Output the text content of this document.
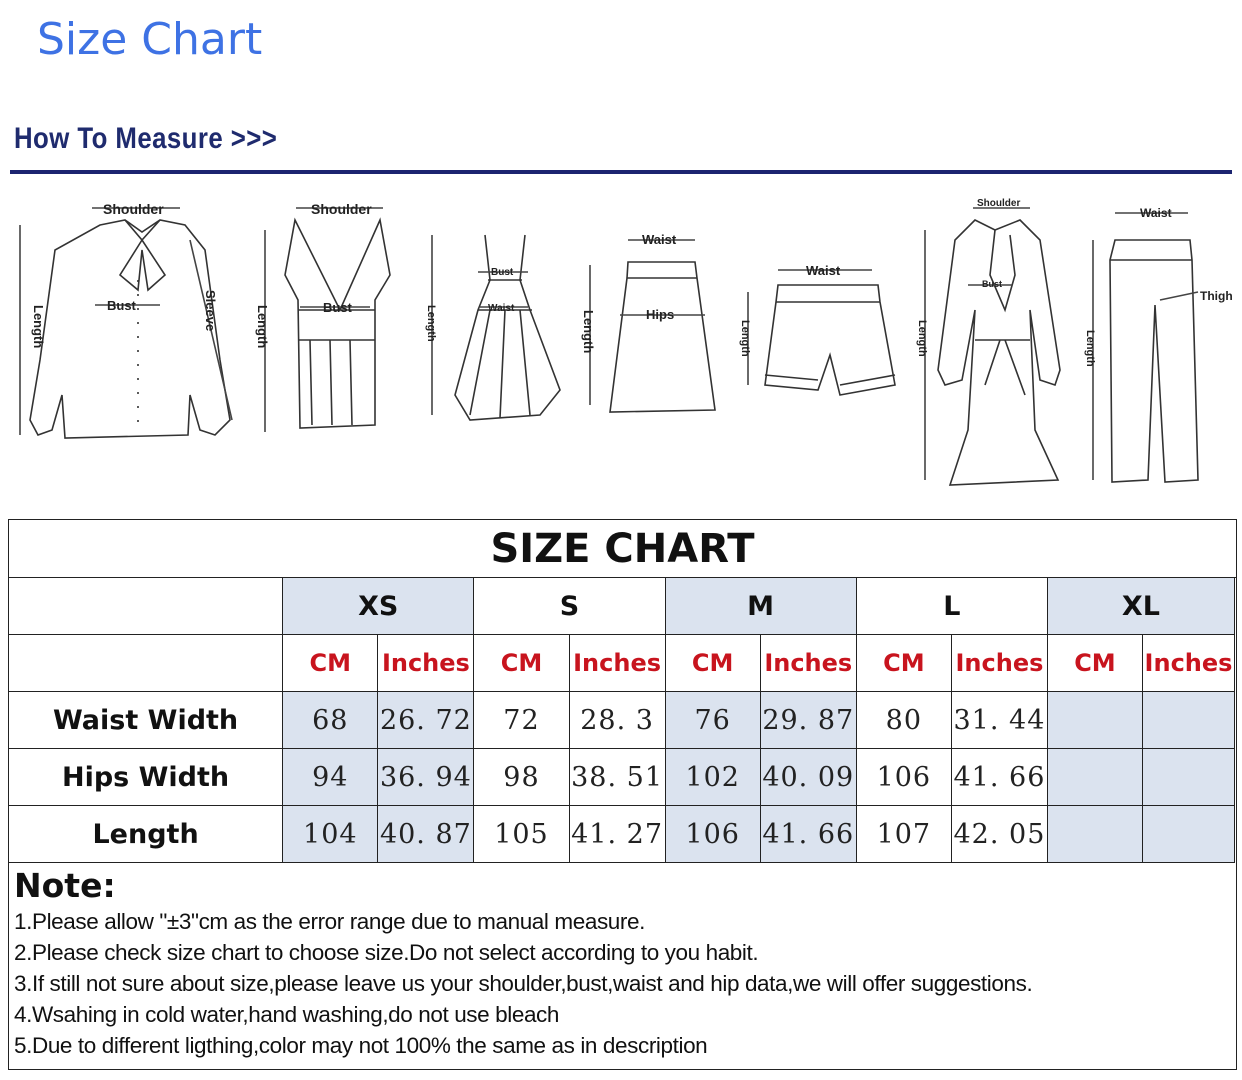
Size Chart
How To Measure >>>
Shoulder
Bust
Length	Sleeve
Shoulder
Bust
Length
Bust
Waist
Length
Waist
Hips
Length
Waist
Length
Shoulder
Bust
Length
Waist
Thigh
Length
SIZE CHART
	XS		S		M		L		XL	
	CM	Inches	CM	Inches	CM	Inches	CM	Inches	CM	Inches
Waist Width	68	26. 72	72	28. 3	76	29. 87	80	31. 44		
Hips Width	94	36. 94	98	38. 51	102	40. 09	106	41. 66		
Length	104	40. 87	105	41. 27	106	41. 66	107	42. 05		
Note:
1.Please allow "±3"cm as the error range due to manual measure.
2.Please check size chart to choose size.Do not select according to you habit.
3.If still not sure about size,please leave us your shoulder,bust,waist and hip data,we will offer suggestions.
4.Wsahing in cold water,hand washing,do not use bleach
5.Due to different ligthing,color may not 100% the same as in description
